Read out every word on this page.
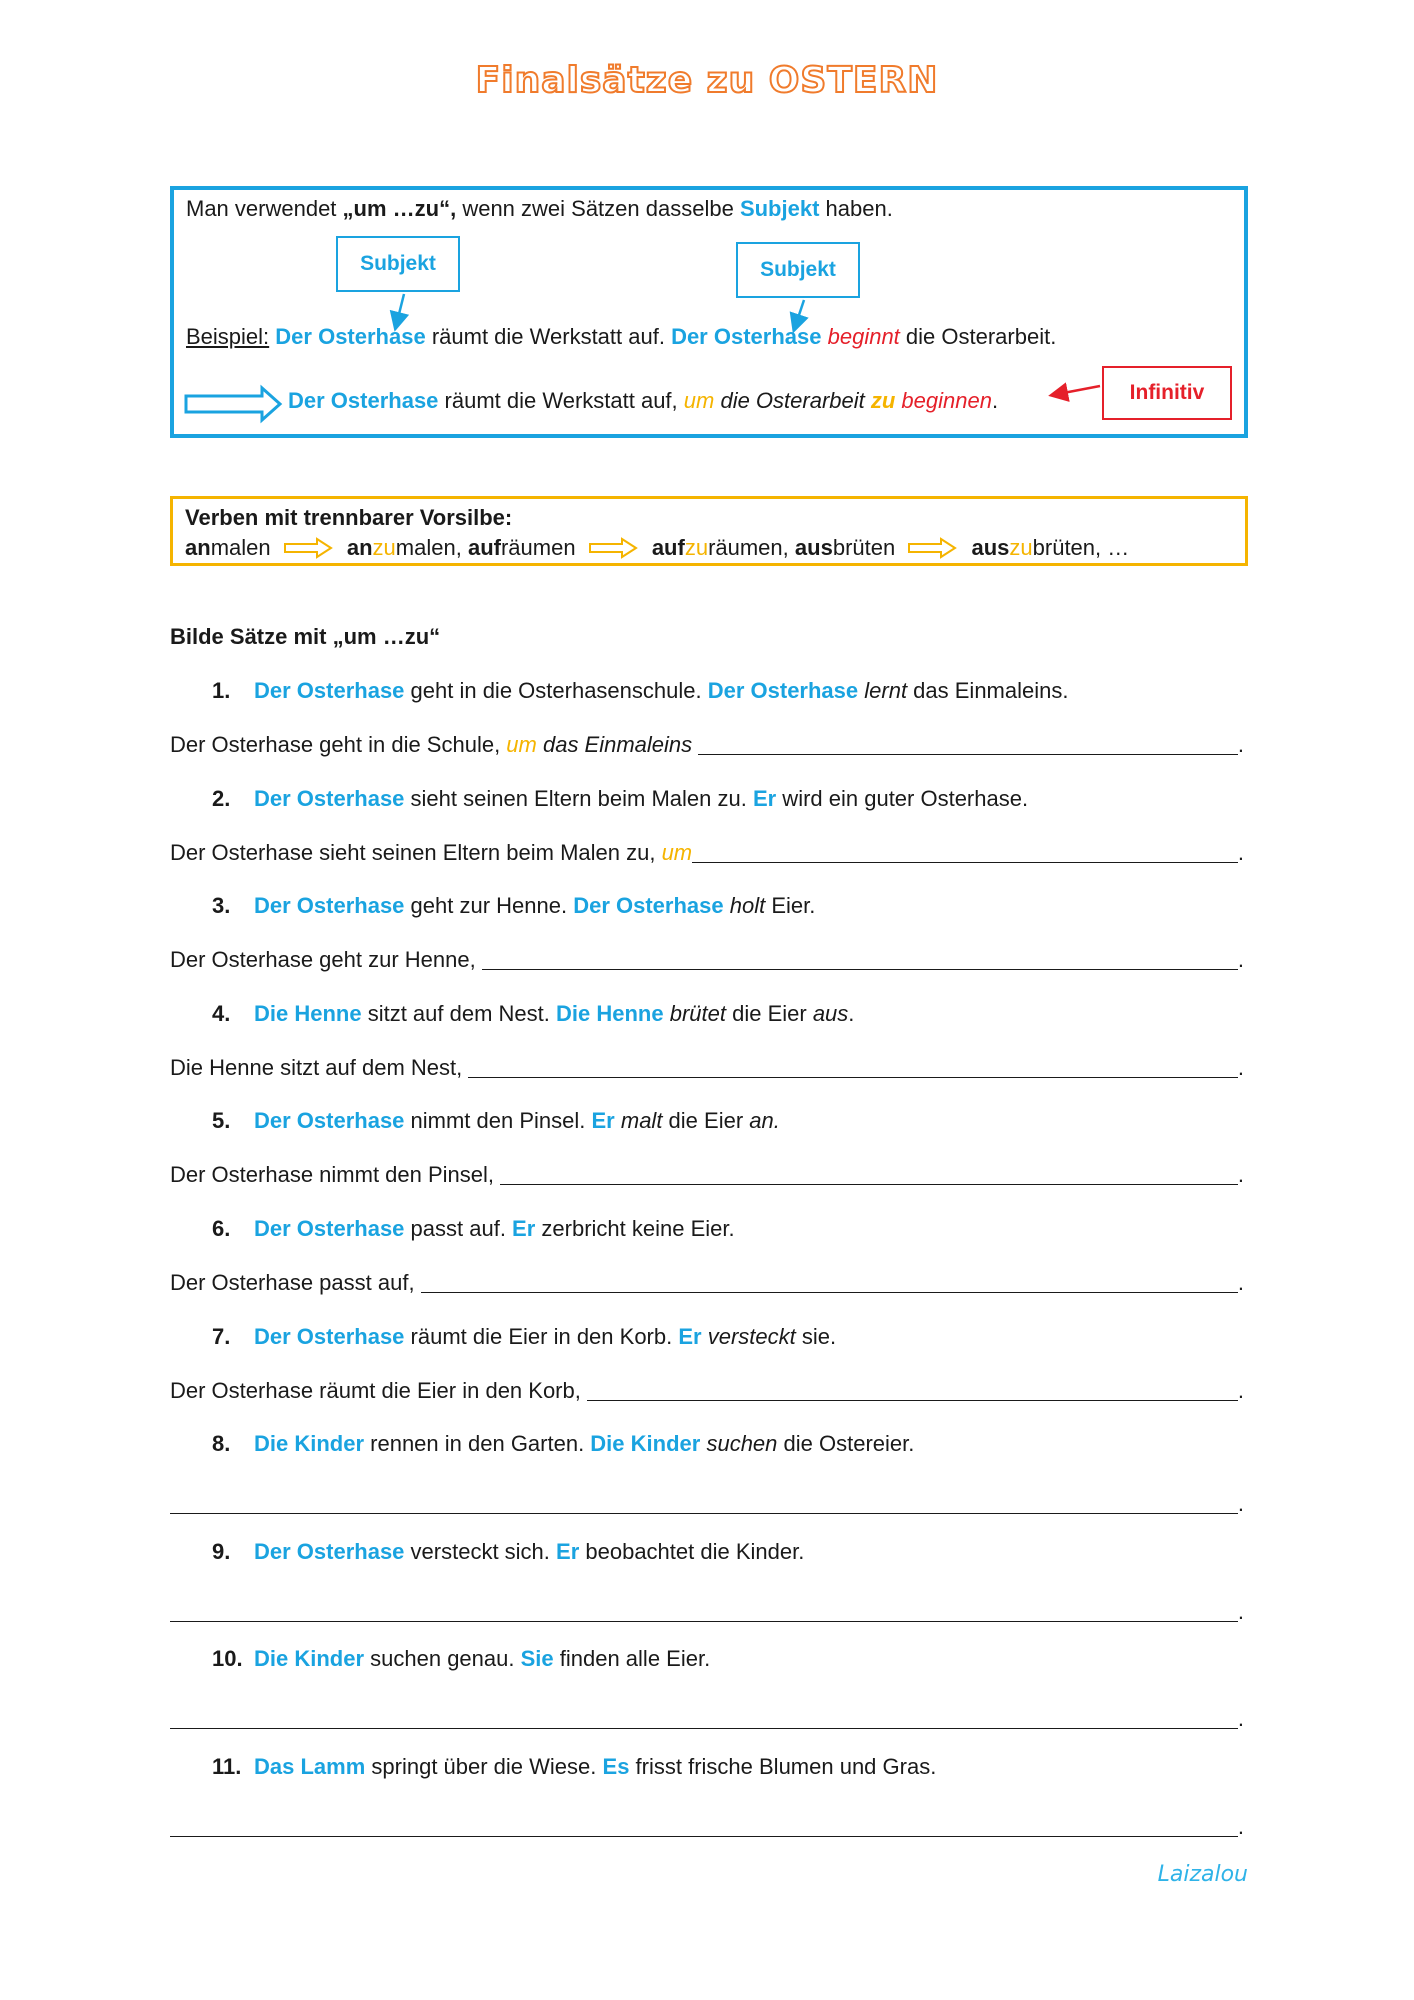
Finalsätze zu OSTERN
Man verwendet „um …zu“, wenn zwei Sätzen dasselbe Subjekt haben.
Subjekt	Subjekt
Beispiel: Der Osterhase räumt die Werkstatt auf. Der Osterhase beginnt die Osterarbeit.
Der Osterhase räumt die Werkstatt auf, um die Osterarbeit zu beginnen.	Infinitiv
Verben mit trennbarer Vorsilbe:
anmalen	anzumalen, aufräumen	aufzuräumen, ausbrüten	auszubrüten, …
Bilde Sätze mit „um …zu“
1. Der Osterhase geht in die Osterhasenschule. Der Osterhase lernt das Einmaleins.
Der Osterhase geht in die Schule, um das Einmaleins
	.
2. Der Osterhase sieht seinen Eltern beim Malen zu. Er wird ein guter Osterhase.
Der Osterhase sieht seinen Eltern beim Malen zu, um	.
3. Der Osterhase geht zur Henne. Der Osterhase holt Eier.
Der Osterhase geht zur Henne,	.
4. Die Henne sitzt auf dem Nest. Die Henne brütet die Eier aus.
Die Henne sitzt auf dem Nest,	.
5. Der Osterhase nimmt den Pinsel. Er malt die Eier an.
Der Osterhase nimmt den Pinsel,	.
6. Der Osterhase passt auf. Er zerbricht keine Eier.
Der Osterhase passt auf,	.
7. Der Osterhase räumt die Eier in den Korb. Er versteckt sie.
Der Osterhase räumt die Eier in den Korb,	.
8. Die Kinder rennen in den Garten. Die Kinder suchen die Ostereier.
.
9. Der Osterhase versteckt sich. Er beobachtet die Kinder.
.
10. Die Kinder suchen genau. Sie finden alle Eier.
.
11. Das Lamm springt über die Wiese. Es frisst frische Blumen und Gras.
.
Laizalou
